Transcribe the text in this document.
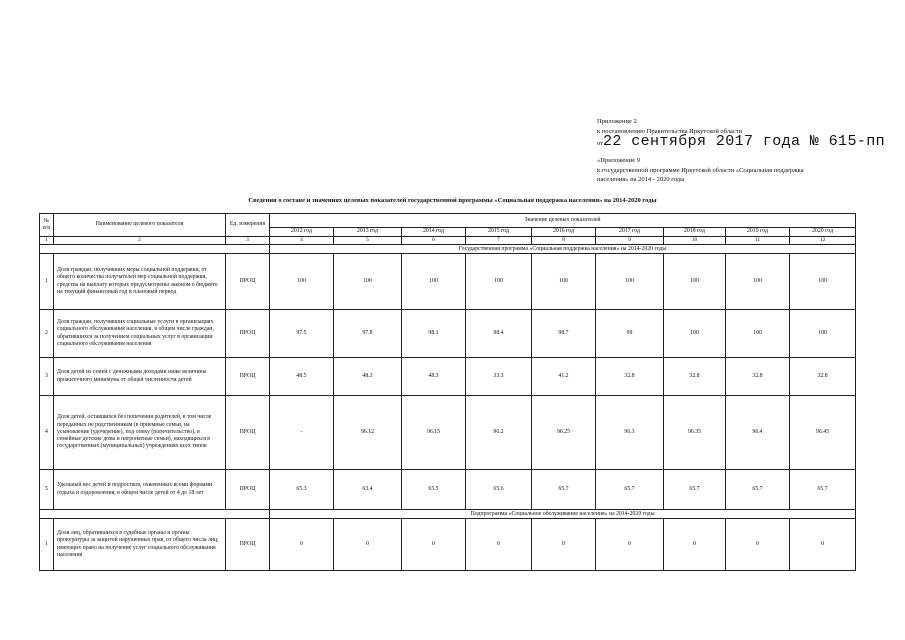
Приложение 2
к постановлению Правительства Иркутской области
от22 сентября 2017 года № 615-пп
«Приложение 9
к государственной программе Иркутской области «Социальная поддержка
населения» на 2014 - 2020 годы
Сведения о составе и значениях целевых показателей государственной программы «Социальная поддержка населения» на 2014-2020 годы
№ п/п	Наименование целевого показателя	Ед. измерения	Значение целевых показателей								
			2012 год	2013 год	2014 год	2015 год	2016 год	2017 год	2018 год	2019 год	2020 год
1	2	3	4	5	6	7	8	9	10	11	12
			Государственная программа «Социальная поддержка населения» на 2014-2020 годы								
1	Доля граждан, получивших меры социальной поддержки, от общего количества получателей мер социальной поддержки, средства на выплату которых предусмотрены законом о бюджете на текущий финансовый год и плановый период	ПРОЦ	100	100	100	100	100	100	100	100	100
2	Доля граждан, получивших социальные услуги в организациях социального обслуживания населения, в общем числе граждан, обратившихся за получением социальных услуг в организации социального обслуживания населения	ПРОЦ	97.5	97.8	98.1	98.4	98.7	99	100	100	100
3	Доля детей из семей с денежными доходами ниже величины прожиточного минимума от общей численности детей	ПРОЦ	48.5	48.3	48.3	33.3	41.2	32.8	32.8	32.8	32.8
4	Доля детей, оставшихся без попечения родителей, в том числе переданных не родственникам (в приемные семьи, на усыновление (удочерение), под опеку (попечительство), в семейные детские дома и патронатные семьи), находящихся в государственных (муниципальных) учреждениях всех типов	ПРОЦ	-	96.12	96.15	96.2	96.25	96.3	96.35	96.4	96.45
5	Удельный вес детей и подростков, охваченных всеми формами отдыха и оздоровления, в общем числе детей от 4 до 18 лет	ПРОЦ	65.3	63.4	65.5	65.6	65.7	65.7	65.7	65.7	65.7
			Подпрограмма «Социальное обслуживание населения» на 2014-2020 годы								
1	Доля лиц, обратившихся в судебные органы и органы прокуратуры за защитой нарушенных прав, от общего числа лиц, имеющих право на получение услуг социального обслуживания населения	ПРОЦ	0	0	0	0	0	0	0	0	0
